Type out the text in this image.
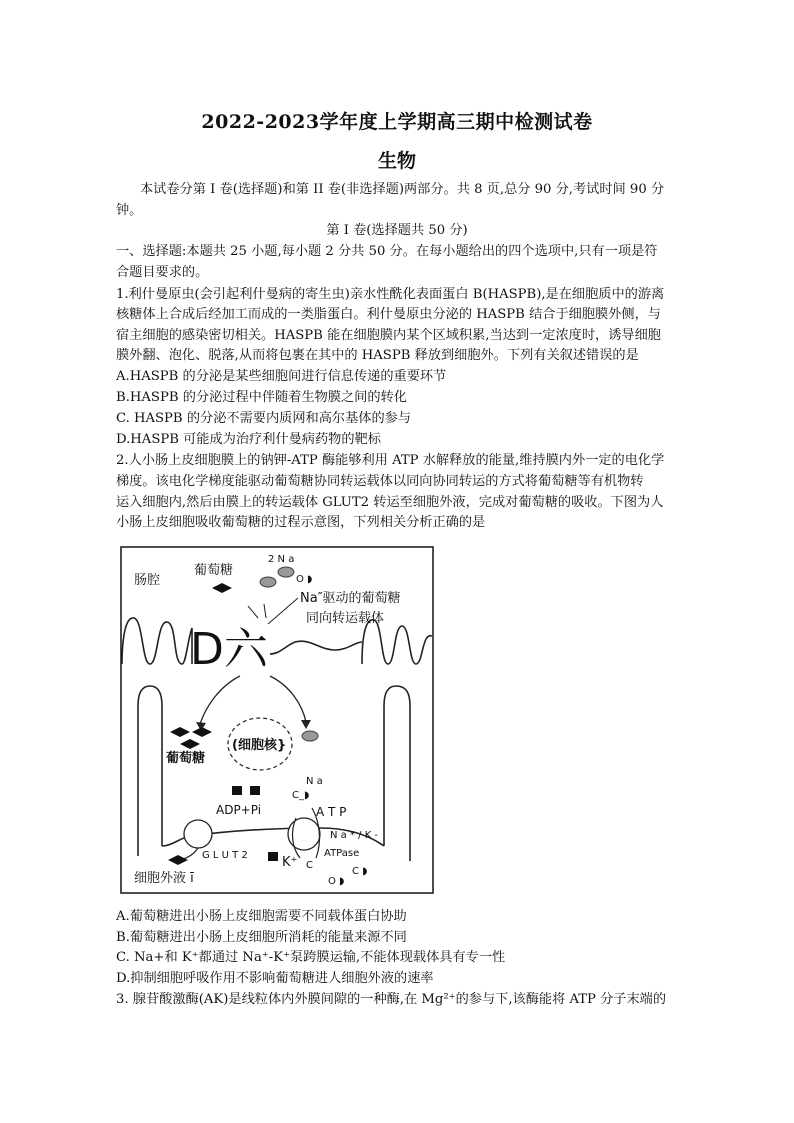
2022-2023学年度上学期高三期中检测试卷
生物
本试卷分第 I 卷(选择题)和第 II 卷(非选择题)两部分。共 8 页,总分 90 分,考试时间 90 分
钟。
第 I 卷(选择题共 50 分)
一、选择题:本题共 25 小题,每小题 2 分共 50 分。在每小题给出的四个选项中,只有一项是符
合题目要求的。
1.利什曼原虫(会引起利什曼病的寄生虫)亲水性酰化表面蛋白 B(HASPB),是在细胞质中的游离
核糖体上合成后经加工而成的一类脂蛋白。利什曼原虫分泌的 HASPB 结合于细胞膜外侧，与
宿主细胞的感染密切相关。HASPB 能在细胞膜内某个区域积累,当达到一定浓度时，诱导细胞
膜外翻、泡化、脱落,从而将包裹在其中的 HASPB 释放到细胞外。下列有关叙述错误的是
A.HASPB 的分泌是某些细胞间进行信息传递的重要环节
B.HASPB 的分泌过程中伴随着生物膜之间的转化
C. HASPB 的分泌不需要内质网和高尔基体的参与
D.HASPB 可能成为治疗利什曼病药物的靶标
2.人小肠上皮细胞膜上的钠钾-ATP 酶能够利用 ATP 水解释放的能量,维持膜内外一定的电化学
梯度。该电化学梯度能驱动葡萄糖协同转运载体以同向协同转运的方式将葡萄糖等有机物转
运入细胞内,然后由膜上的转运载体 GLUT2 转运至细胞外液，完成对葡萄糖的吸收。下图为人
小肠上皮细胞吸收葡萄糖的过程示意图，下列相关分析正确的是
D六
肠腔
葡萄糖
2 N a
O ◗
Na″驱动的葡萄糖
同向转运载体
葡萄糖
(细胞核}
N a
C_◗
ADP+Pi	A T P
N a * / K -
ATPase
G L U T 2	K⁺ C
C ◗
O ◗
细胞外液 ī
A.葡萄糖进出小肠上皮细胞需要不同载体蛋白协助
B.葡萄糖进出小肠上皮细胞所消耗的能量来源不同
C. Na+和 K⁺都通过 Na⁺-K⁺泵跨膜运输,不能体现载体具有专一性
D.抑制细胞呼吸作用不影响葡萄糖进人细胞外液的速率
3. 腺苷酸激酶(AK)是线粒体内外膜间隙的一种酶,在 Mg²⁺的参与下,该酶能将 ATP 分子末端的
